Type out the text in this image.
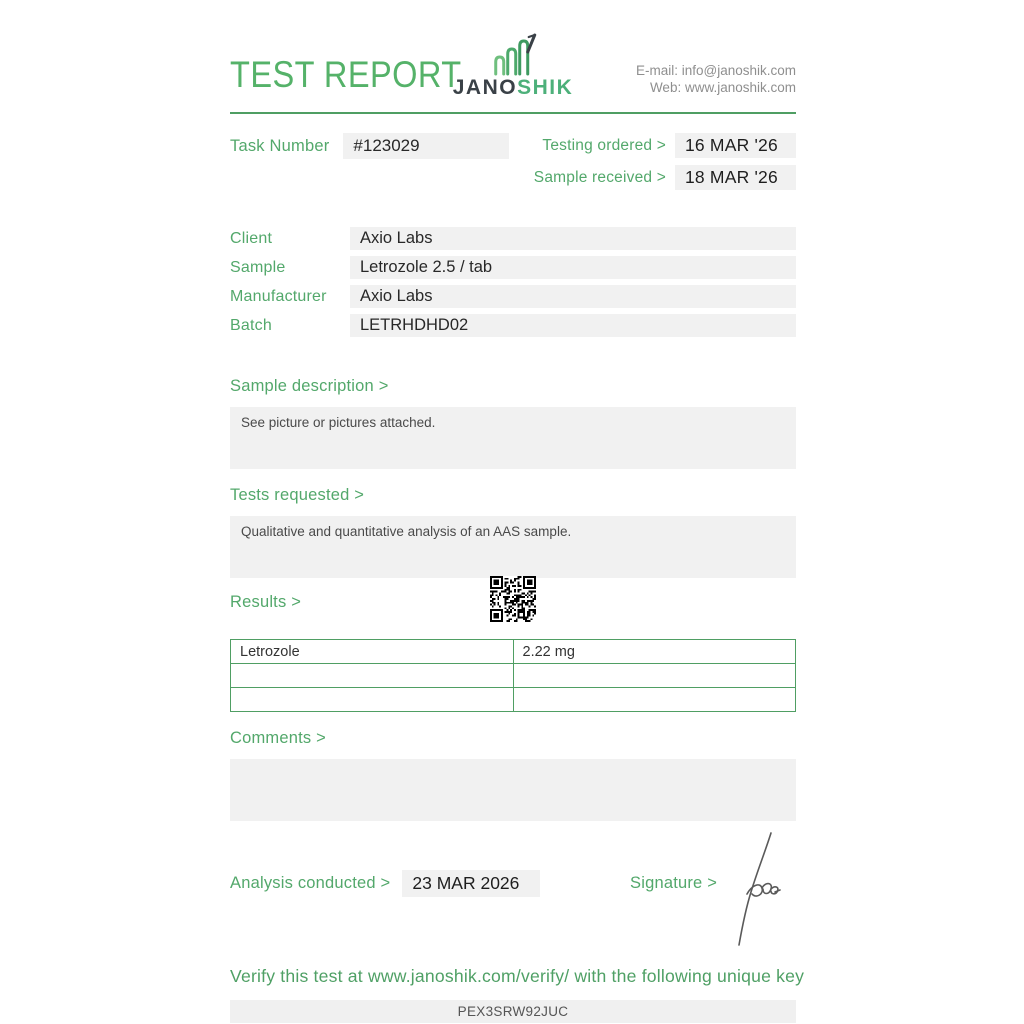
TEST REPORT
JANOSHIK
E-mail: info@janoshik.com
Web: www.janoshik.com
Task Number	#123029	Testing ordered >	16 MAR '26
Sample received >	18 MAR '26
Client	Axio Labs
Sample	Letrozole 2.5 / tab
Manufacturer	Axio Labs
Batch	LETRHDHD02
Sample description >
See picture or pictures attached.
Tests requested >
Qualitative and quantitative analysis of an AAS sample.
Results >
Letrozole	2.22 mg

Comments >
Analysis conducted >	23 MAR 2026	Signature >
Verify this test at www.janoshik.com/verify/ with the following unique key
PEX3SRW92JUC
